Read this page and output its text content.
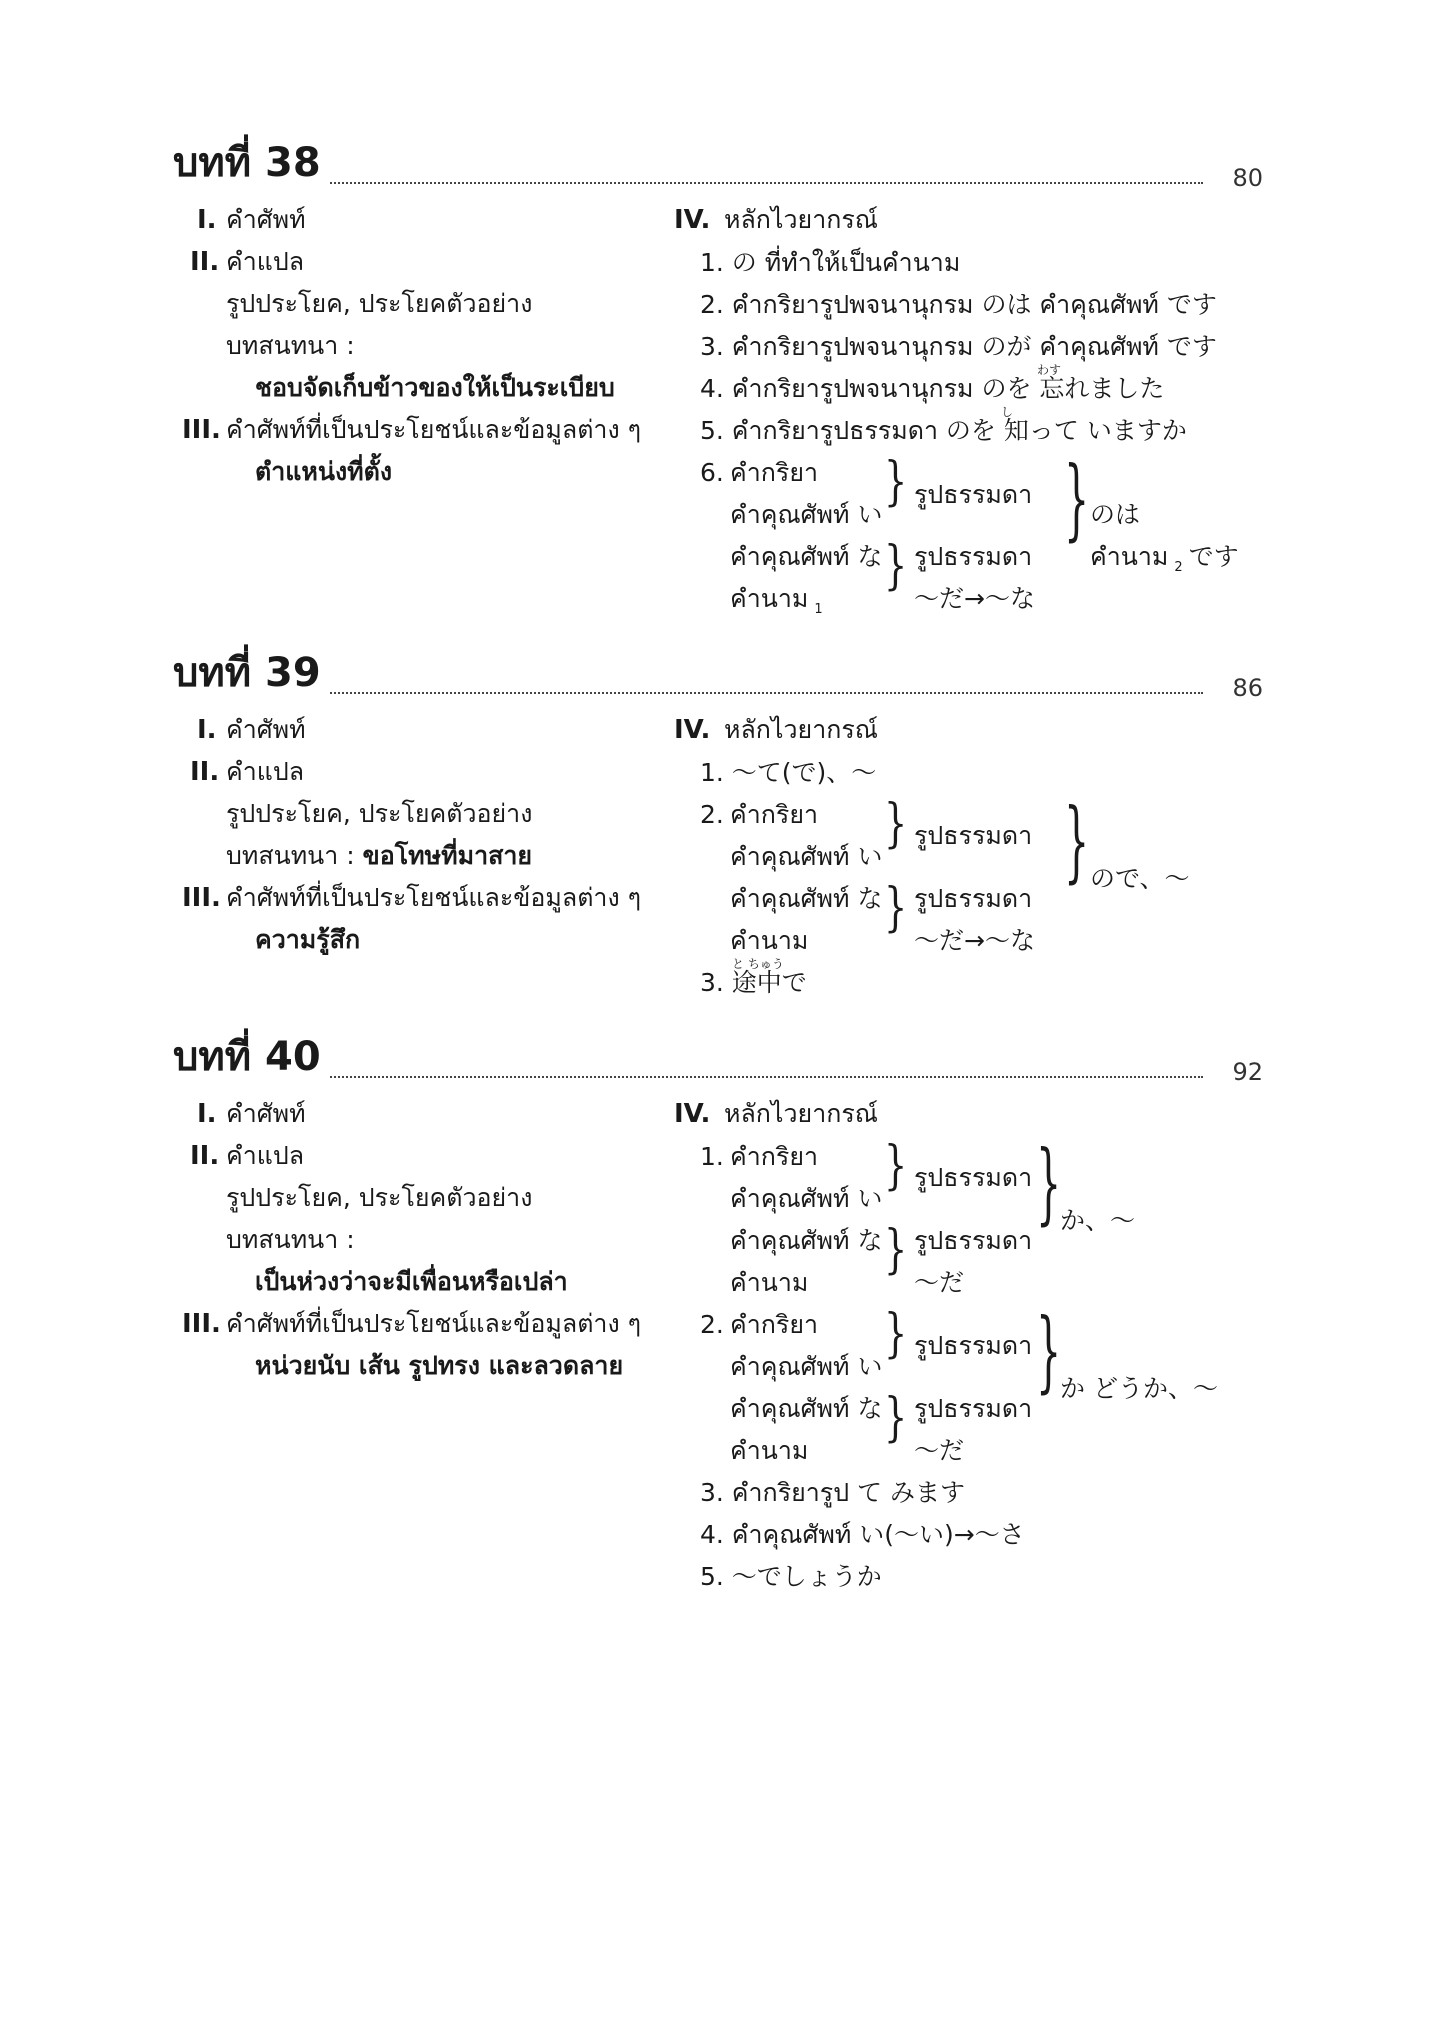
บทที่ 38	80
I. คำศัพท์
II. คำแปล
รูปประโยค, ประโยคตัวอย่าง
บทสนทนา :
ชอบจัดเก็บข้าวของให้เป็นระเบียบ
III. คำศัพท์ที่เป็นประโยชน์และข้อมูลต่าง ๆ
ตำแหน่งที่ตั้ง
IV. หลักไวยากรณ์
1. の ที่ทำให้เป็นคำนาม
2. คำกริยารูปพจนานุกรม のは คำคุณศัพท์ です
3. คำกริยารูปพจนานุกรม のが คำคุณศัพท์ です
わす
4. คำกริยารูปพจนานุกรม のを 忘れました
し
5. คำกริยารูปธรรมดา のを 知って いますか
6. คำกริยา
คำคุณศัพท์ い
คำคุณศัพท์ な
คำนาม $_1$
}
}
รูปธรรมดา
รูปธรรมดา
〜だ→〜な
} のは
คำนาม $_2$ です
บทที่ 39	86
I. คำศัพท์
II. คำแปล
รูปประโยค, ประโยคตัวอย่าง
บทสนทนา : ขอโทษที่มาสาย
III. คำศัพท์ที่เป็นประโยชน์และข้อมูลต่าง ๆ
ความรู้สึก
IV. หลักไวยากรณ์
1. 〜て(で)、〜
2. คำกริยา
คำคุณศัพท์ い
คำคุณศัพท์ な
คำนาม
}
}
รูปธรรมดา
รูปธรรมดา
〜だ→〜な
} ので、〜
と ちゅう
3. 途中で
บทที่ 40	92
I. คำศัพท์
II. คำแปล
รูปประโยค, ประโยคตัวอย่าง
บทสนทนา :
เป็นห่วงว่าจะมีเพื่อนหรือเปล่า
III. คำศัพท์ที่เป็นประโยชน์และข้อมูลต่าง ๆ
หน่วยนับ เส้น รูปทรง และลวดลาย
IV. หลักไวยากรณ์
1. คำกริยา
คำคุณศัพท์ い
คำคุณศัพท์ な
คำนาม
}
}
รูปธรรมดา
รูปธรรมดา
〜だ
}
か、〜
2. คำกริยา
คำคุณศัพท์ い
คำคุณศัพท์ な
คำนาม
}
}
รูปธรรมดา
รูปธรรมดา
〜だ
}
か どうか、〜
3. คำกริยารูป て みます
4. คำคุณศัพท์ い(〜い)→〜さ
5. 〜でしょうか
